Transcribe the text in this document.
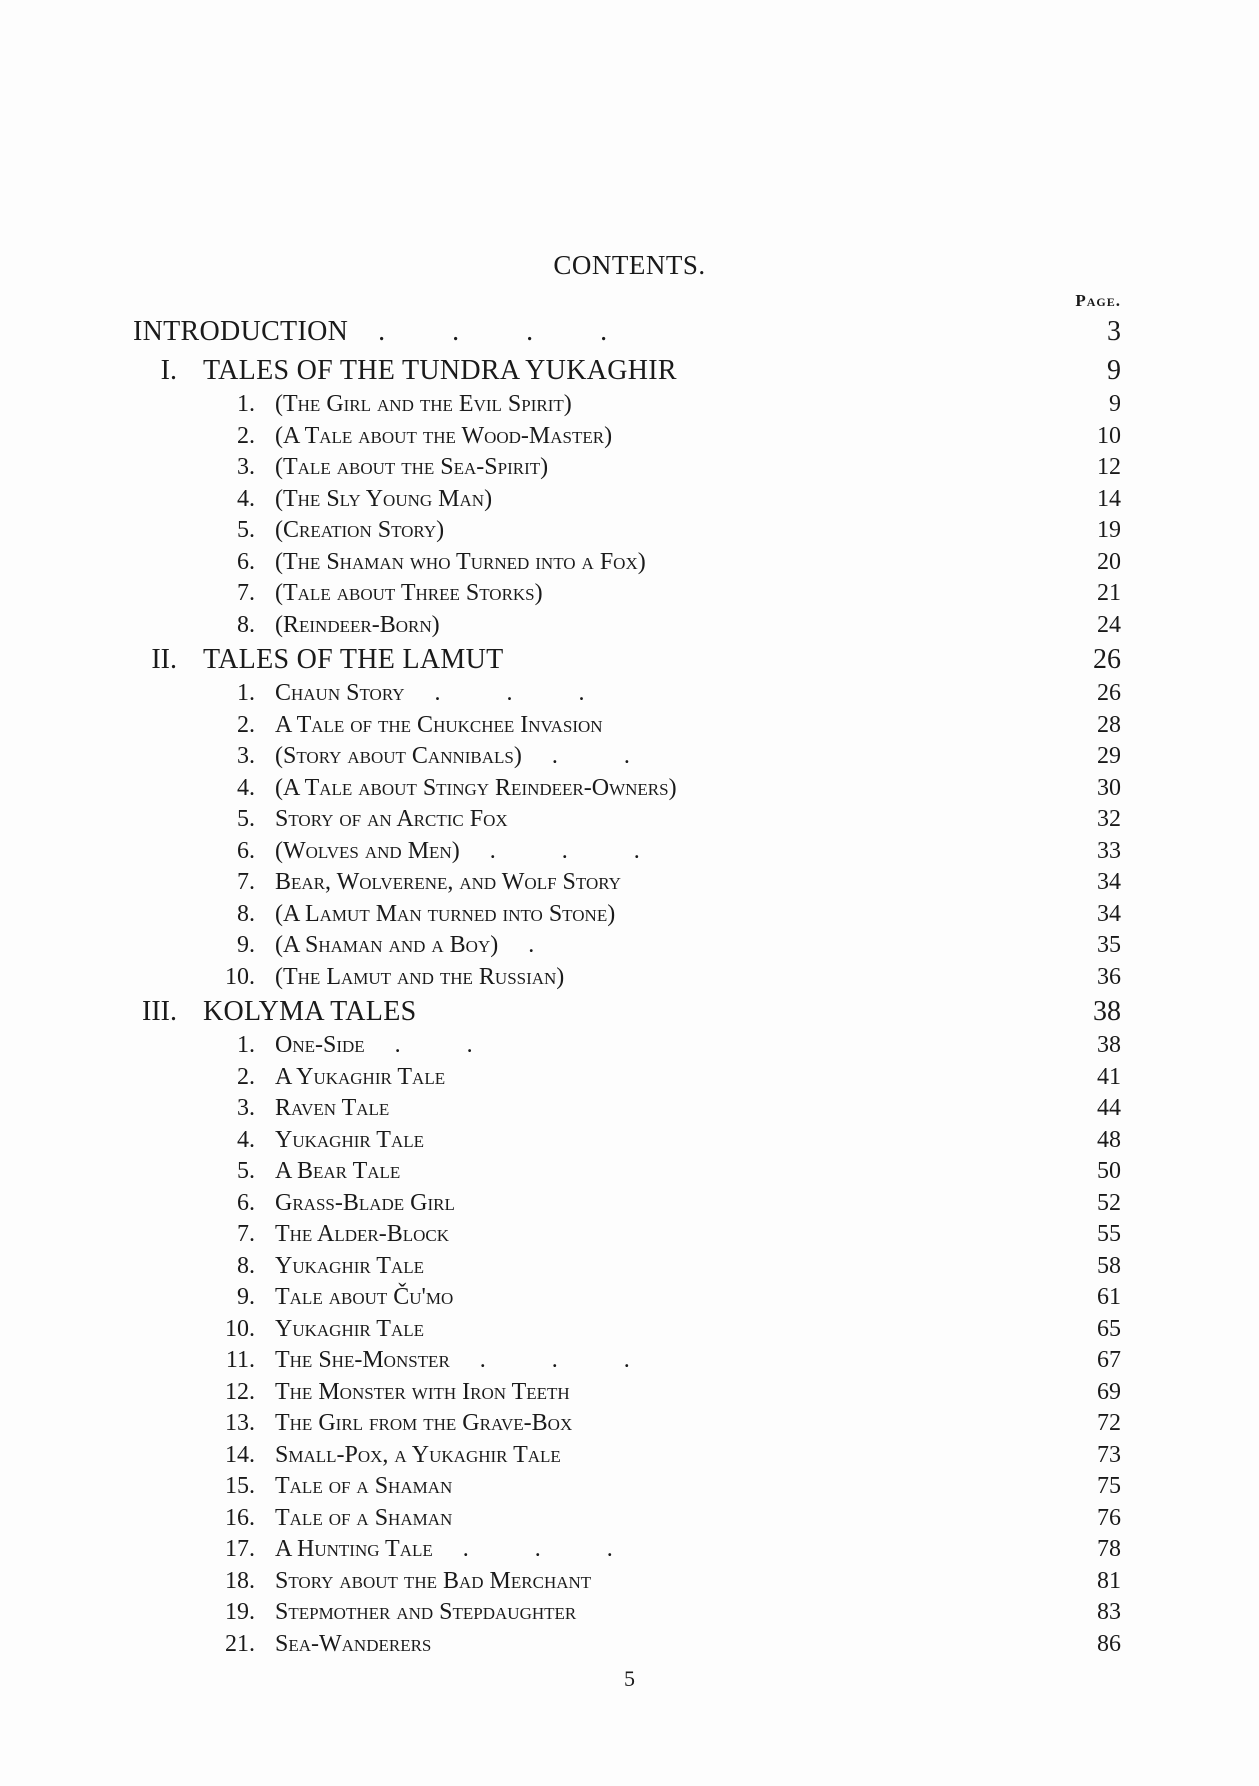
CONTENTS.
Page.
INTRODUCTION . . . .	3
I. TALES OF THE TUNDRA YUKAGHIR	9
1. (The Girl and the Evil Spirit)	9
2. (A Tale about the Wood-Master)	10
3. (Tale about the Sea-Spirit)	12
4. (The Sly Young Man)	14
5. (Creation Story)	19
6. (The Shaman who Turned into a Fox)	20
7. (Tale about Three Storks)	21
8. (Reindeer-Born)	24
II. TALES OF THE LAMUT	26
1. Chaun Story . . .	26
2. A Tale of the Chukchee Invasion	28
3. (Story about Cannibals) . .	29
4. (A Tale about Stingy Reindeer-Owners)	30
5. Story of an Arctic Fox	32
6. (Wolves and Men) . . .	33
7. Bear, Wolverene, and Wolf Story	34
8. (A Lamut Man turned into Stone)	34
9. (A Shaman and a Boy) .	35
10. (The Lamut and the Russian)	36
III. KOLYMA TALES	38
1. One-Side . .	38
2. A Yukaghir Tale	41
3. Raven Tale	44
4. Yukaghir Tale	48
5. A Bear Tale	50
6. Grass-Blade Girl	52
7. The Alder-Block	55
8. Yukaghir Tale	58
9. Tale about Ču'mo	61
10. Yukaghir Tale	65
11. The She-Monster . . .	67
12. The Monster with Iron Teeth	69
13. The Girl from the Grave-Box	72
14. Small-Pox, a Yukaghir Tale	73
15. Tale of a Shaman	75
16. Tale of a Shaman	76
17. A Hunting Tale . . .	78
18. Story about the Bad Merchant	81
19. Stepmother and Stepdaughter	83
21. Sea-Wanderers	86
5
